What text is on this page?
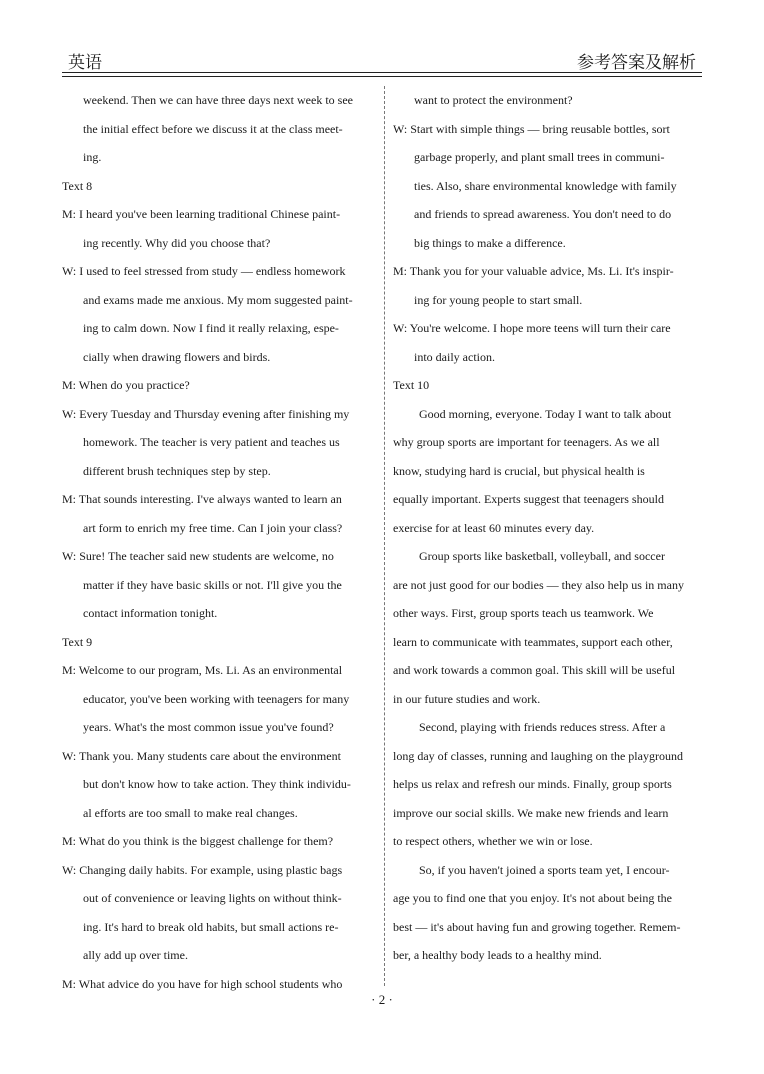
英语	参考答案及解析
weekend. Then we can have three days next week to see
the initial effect before we discuss it at the class meet-
ing.
Text 8
M: I heard you've been learning traditional Chinese paint-
ing recently. Why did you choose that?
W: I used to feel stressed from study — endless homework
and exams made me anxious. My mom suggested paint-
ing to calm down. Now I find it really relaxing, espe-
cially when drawing flowers and birds.
M: When do you practice?
W: Every Tuesday and Thursday evening after finishing my
homework. The teacher is very patient and teaches us
different brush techniques step by step.
M: That sounds interesting. I've always wanted to learn an
art form to enrich my free time. Can I join your class?
W: Sure! The teacher said new students are welcome, no
matter if they have basic skills or not. I'll give you the
contact information tonight.
Text 9
M: Welcome to our program, Ms. Li. As an environmental
educator, you've been working with teenagers for many
years. What's the most common issue you've found?
W: Thank you. Many students care about the environment
but don't know how to take action. They think individu-
al efforts are too small to make real changes.
M: What do you think is the biggest challenge for them?
W: Changing daily habits. For example, using plastic bags
out of convenience or leaving lights on without think-
ing. It's hard to break old habits, but small actions re-
ally add up over time.
M: What advice do you have for high school students who
want to protect the environment?
W: Start with simple things — bring reusable bottles, sort
garbage properly, and plant small trees in communi-
ties. Also, share environmental knowledge with family
and friends to spread awareness. You don't need to do
big things to make a difference.
M: Thank you for your valuable advice, Ms. Li. It's inspir-
ing for young people to start small.
W: You're welcome. I hope more teens will turn their care
into daily action.
Text 10
Good morning, everyone. Today I want to talk about
why group sports are important for teenagers. As we all
know, studying hard is crucial, but physical health is
equally important. Experts suggest that teenagers should
exercise for at least 60 minutes every day.
Group sports like basketball, volleyball, and soccer
are not just good for our bodies — they also help us in many
other ways. First, group sports teach us teamwork. We
learn to communicate with teammates, support each other,
and work towards a common goal. This skill will be useful
in our future studies and work.
Second, playing with friends reduces stress. After a
long day of classes, running and laughing on the playground
helps us relax and refresh our minds. Finally, group sports
improve our social skills. We make new friends and learn
to respect others, whether we win or lose.
So, if you haven't joined a sports team yet, I encour-
age you to find one that you enjoy. It's not about being the
best — it's about having fun and growing together. Remem-
ber, a healthy body leads to a healthy mind.
· 2 ·
